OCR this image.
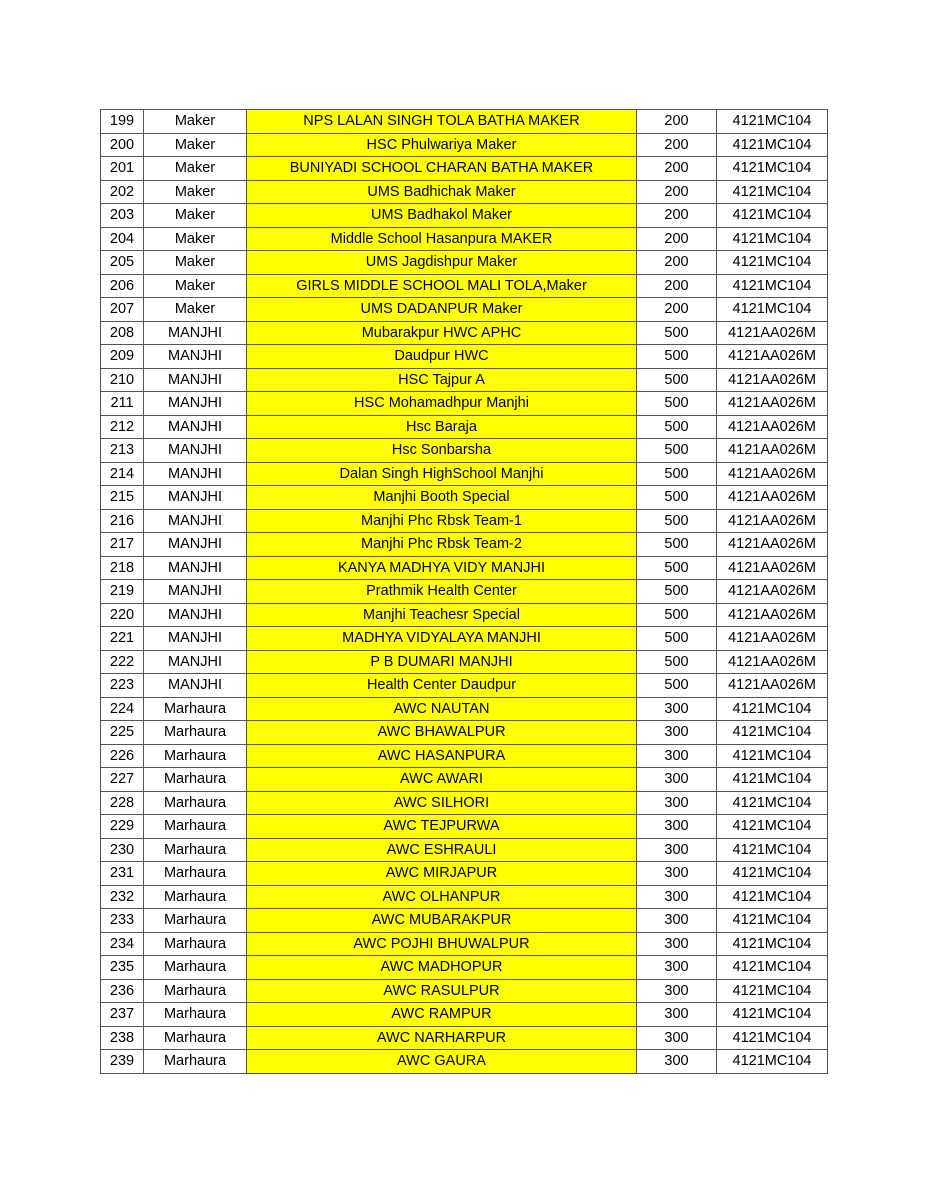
199	Maker	NPS LALAN SINGH TOLA BATHA MAKER	200	4121MC104
200	Maker	HSC Phulwariya Maker	200	4121MC104
201	Maker	BUNIYADI SCHOOL CHARAN BATHA MAKER	200	4121MC104
202	Maker	UMS Badhichak Maker	200	4121MC104
203	Maker	UMS Badhakol Maker	200	4121MC104
204	Maker	Middle School Hasanpura MAKER	200	4121MC104
205	Maker	UMS Jagdishpur Maker	200	4121MC104
206	Maker	GIRLS MIDDLE SCHOOL MALI TOLA,Maker	200	4121MC104
207	Maker	UMS DADANPUR Maker	200	4121MC104
208	MANJHI	Mubarakpur HWC APHC	500	4121AA026M
209	MANJHI	Daudpur HWC	500	4121AA026M
210	MANJHI	HSC Tajpur A	500	4121AA026M
211	MANJHI	HSC Mohamadhpur Manjhi	500	4121AA026M
212	MANJHI	Hsc Baraja	500	4121AA026M
213	MANJHI	Hsc Sonbarsha	500	4121AA026M
214	MANJHI	Dalan Singh HighSchool Manjhi	500	4121AA026M
215	MANJHI	Manjhi Booth Special	500	4121AA026M
216	MANJHI	Manjhi Phc Rbsk Team-1	500	4121AA026M
217	MANJHI	Manjhi Phc Rbsk Team-2	500	4121AA026M
218	MANJHI	KANYA MADHYA VIDY MANJHI	500	4121AA026M
219	MANJHI	Prathmik Health Center	500	4121AA026M
220	MANJHI	Manjhi Teachesr Special	500	4121AA026M
221	MANJHI	MADHYA VIDYALAYA MANJHI	500	4121AA026M
222	MANJHI	P B DUMARI MANJHI	500	4121AA026M
223	MANJHI	Health Center Daudpur	500	4121AA026M
224	Marhaura	AWC NAUTAN	300	4121MC104
225	Marhaura	AWC BHAWALPUR	300	4121MC104
226	Marhaura	AWC HASANPURA	300	4121MC104
227	Marhaura	AWC AWARI	300	4121MC104
228	Marhaura	AWC SILHORI	300	4121MC104
229	Marhaura	AWC TEJPURWA	300	4121MC104
230	Marhaura	AWC ESHRAULI	300	4121MC104
231	Marhaura	AWC MIRJAPUR	300	4121MC104
232	Marhaura	AWC OLHANPUR	300	4121MC104
233	Marhaura	AWC MUBARAKPUR	300	4121MC104
234	Marhaura	AWC POJHI BHUWALPUR	300	4121MC104
235	Marhaura	AWC MADHOPUR	300	4121MC104
236	Marhaura	AWC RASULPUR	300	4121MC104
237	Marhaura	AWC RAMPUR	300	4121MC104
238	Marhaura	AWC NARHARPUR	300	4121MC104
239	Marhaura	AWC GAURA	300	4121MC104
